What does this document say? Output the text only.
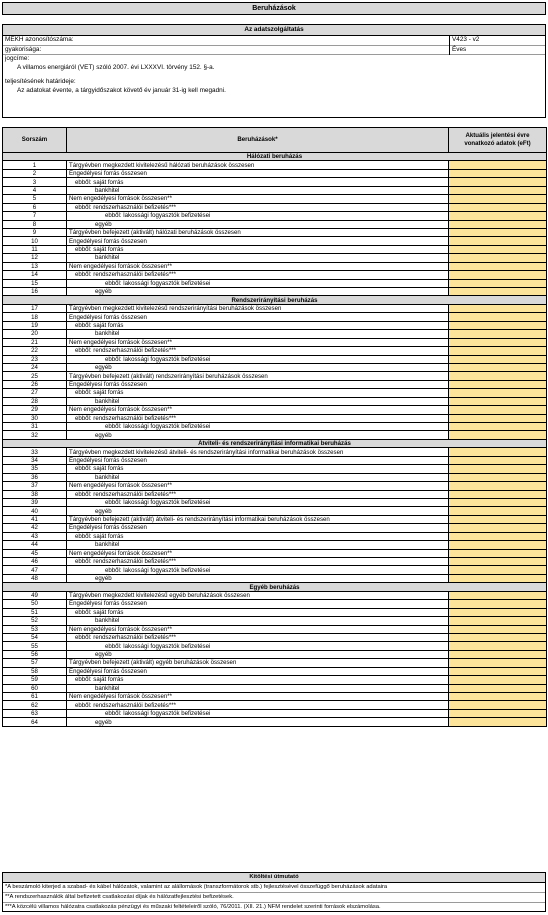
Beruházások
Az adatszolgáltatás
MEKH azonosítószáma:	V423 - v2
gyakorisága:	Éves
jogcíme:
A villamos energiáról (VET) szóló 2007. évi LXXXVI. törvény 152. §-a.
teljesítésének határideje:
Az adatokat évente, a tárgyidőszakot követő év január 31-ig kell megadni.
Sorszám	Beruházások*	Aktuális jelentési évre vonatkozó adatok (eFt)
Hálózati beruházás		
1	Tárgyévben megkezdett kivitelezésű hálózati beruházások összesen	
2	Engedélyesi forrás összesen	
3	ebből: saját forrás	
4	bankhitel	
5	Nem engedélyesi források összesen**	
6	ebből: rendszerhasználói befizetés***	
7	ebből: lakossági fogyasztók befizetései	
8	egyéb	
9	Tárgyévben befejezett (aktivált) hálózati beruházások összesen	
10	Engedélyesi forrás összesen	
11	ebből: saját forrás	
12	bankhitel	
13	Nem engedélyesi források összesen**	
14	ebből: rendszerhasználói befizetés***	
15	ebből: lakossági fogyasztók befizetései	
16	egyéb	
Rendszerirányítási beruházás		
17	Tárgyévben megkezdett kivitelezésű rendszerirányítási beruházások összesen	
18	Engedélyesi forrás összesen	
19	ebből: saját forrás	
20	bankhitel	
21	Nem engedélyesi források összesen**	
22	ebből: rendszerhasználói befizetés***	
23	ebből: lakossági fogyasztók befizetései	
24	egyéb	
25	Tárgyévben befejezett (aktivált) rendszerirányítási beruházások összesen	
26	Engedélyesi forrás összesen	
27	ebből: saját forrás	
28	bankhitel	
29	Nem engedélyesi források összesen**	
30	ebből: rendszerhasználói befizetés***	
31	ebből: lakossági fogyasztók befizetései	
32	egyéb	
Átviteli- és rendszerirányítási informatikai beruházás		
33	Tárgyévben megkezdett kivitelezésű átviteli- és rendszerirányítási informatikai beruházások összesen	
34	Engedélyesi forrás összesen	
35	ebből: saját forrás	
36	bankhitel	
37	Nem engedélyesi források összesen**	
38	ebből: rendszerhasználói befizetés***	
39	ebből: lakossági fogyasztók befizetései	
40	egyéb	
41	Tárgyévben befejezett (aktivált) átviteli- és rendszerirányítási informatikai beruházások összesen	
42	Engedélyesi forrás összesen	
43	ebből: saját forrás	
44	bankhitel	
45	Nem engedélyesi források összesen**	
46	ebből: rendszerhasználói befizetés***	
47	ebből: lakossági fogyasztók befizetései	
48	egyéb	
Egyéb beruházás		
49	Tárgyévben megkezdett kivitelezésű egyéb beruházások összesen	
50	Engedélyesi forrás összesen	
51	ebből: saját forrás	
52	bankhitel	
53	Nem engedélyesi források összesen**	
54	ebből: rendszerhasználói befizetés***	
55	ebből: lakossági fogyasztók befizetései	
56	egyéb	
57	Tárgyévben befejezett (aktivált) egyéb beruházások összesen	
58	Engedélyesi forrás összesen	
59	ebből: saját forrás	
60	bankhitel	
61	Nem engedélyesi források összesen**	
62	ebből: rendszerhasználói befizetés***	
63	ebből: lakossági fogyasztók befizetései	
64	egyéb	
Kitöltési útmutató
*A beszámoló kiterjed a szabad- és kábel hálózatok, valamint az alállomások (transzformátorok stb.) fejlesztésével összefüggő beruházások adataira
**A rendszerhasználók által befizetett csatlakozási díjak és hálózatfejlesztési befizetések.
***A közcélú villamos hálózatra csatlakozás pénzügyi és műszaki feltételeiről szóló, 76/2011. (XII. 21.) NFM rendelet szerinti források elszámolása.
